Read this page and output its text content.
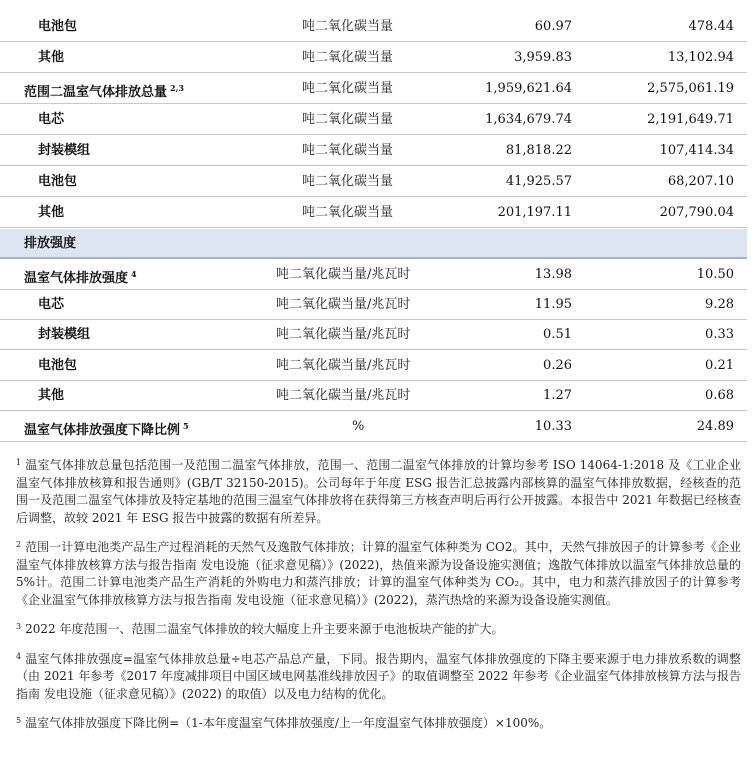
电池包	吨二氧化碳当量	60.97	478.44
其他	吨二氧化碳当量	3,959.83	13,102.94
范围二温室气体排放总量 $^{2,3}$	吨二氧化碳当量	1,959,621.64	2,575,061.19
电芯	吨二氧化碳当量	1,634,679.74	2,191,649.71
封装模组	吨二氧化碳当量	81,818.22	107,414.34
电池包	吨二氧化碳当量	41,925.57	68,207.10
其他	吨二氧化碳当量	201,197.11	207,790.04
排放强度
温室气体排放强度 $^4$	吨二氧化碳当量/兆瓦时	13.98	10.50
电芯	吨二氧化碳当量/兆瓦时	11.95	9.28
封装模组	吨二氧化碳当量/兆瓦时	0.51	0.33
电池包	吨二氧化碳当量/兆瓦时	0.26	0.21
其他	吨二氧化碳当量/兆瓦时	1.27	0.68
温室气体排放强度下降比例 $^5$	%	10.33	24.89

$^1$ 温室气体排放总量包括范围一及范围二温室气体排放，范围一、范围二温室气体排放的计算均参考 ISO 14064-1:2018 及《工业企业温室气体排放核算和报告通则》(GB/T 32150-2015)。公司每年于年度 ESG 报告汇总披露内部核算的温室气体排放数据，经核查的范围一及范围二温室气体排放及特定基地的范围三温室气体排放将在获得第三方核查声明后再行公开披露。本报告中 2021 年数据已经核查后调整，故较 2021 年 ESG 报告中披露的数据有所差异。

$^2$ 范围一计算电池类产品生产过程消耗的天然气及逸散气体排放；计算的温室气体种类为 CO2。其中，天然气排放因子的计算参考《企业温室气体排放核算方法与报告指南 发电设施（征求意见稿）》(2022)，热值来源为设备设施实测值；逸散气体排放以温室气体排放总量的 5%计。范围二计算电池类产品生产消耗的外购电力和蒸汽排放；计算的温室气体种类为 CO₂。其中，电力和蒸汽排放因子的计算参考《企业温室气体排放核算方法与报告指南 发电设施（征求意见稿）》(2022)，蒸汽热焓的来源为设备设施实测值。

$^3$ 2022 年度范围一、范围二温室气体排放的较大幅度上升主要来源于电池板块产能的扩大。

$^4$ 温室气体排放强度=温室气体排放总量÷电芯产品总产量，下同。报告期内，温室气体排放强度的下降主要来源于电力排放系数的调整（由 2021 年参考《2017 年度减排项目中国区域电网基准线排放因子》的取值调整至 2022 年参考《企业温室气体排放核算方法与报告指南 发电设施（征求意见稿）》(2022) 的取值）以及电力结构的优化。

$^5$ 温室气体排放强度下降比例=（1-本年度温室气体排放强度/上一年度温室气体排放强度）×100%。
